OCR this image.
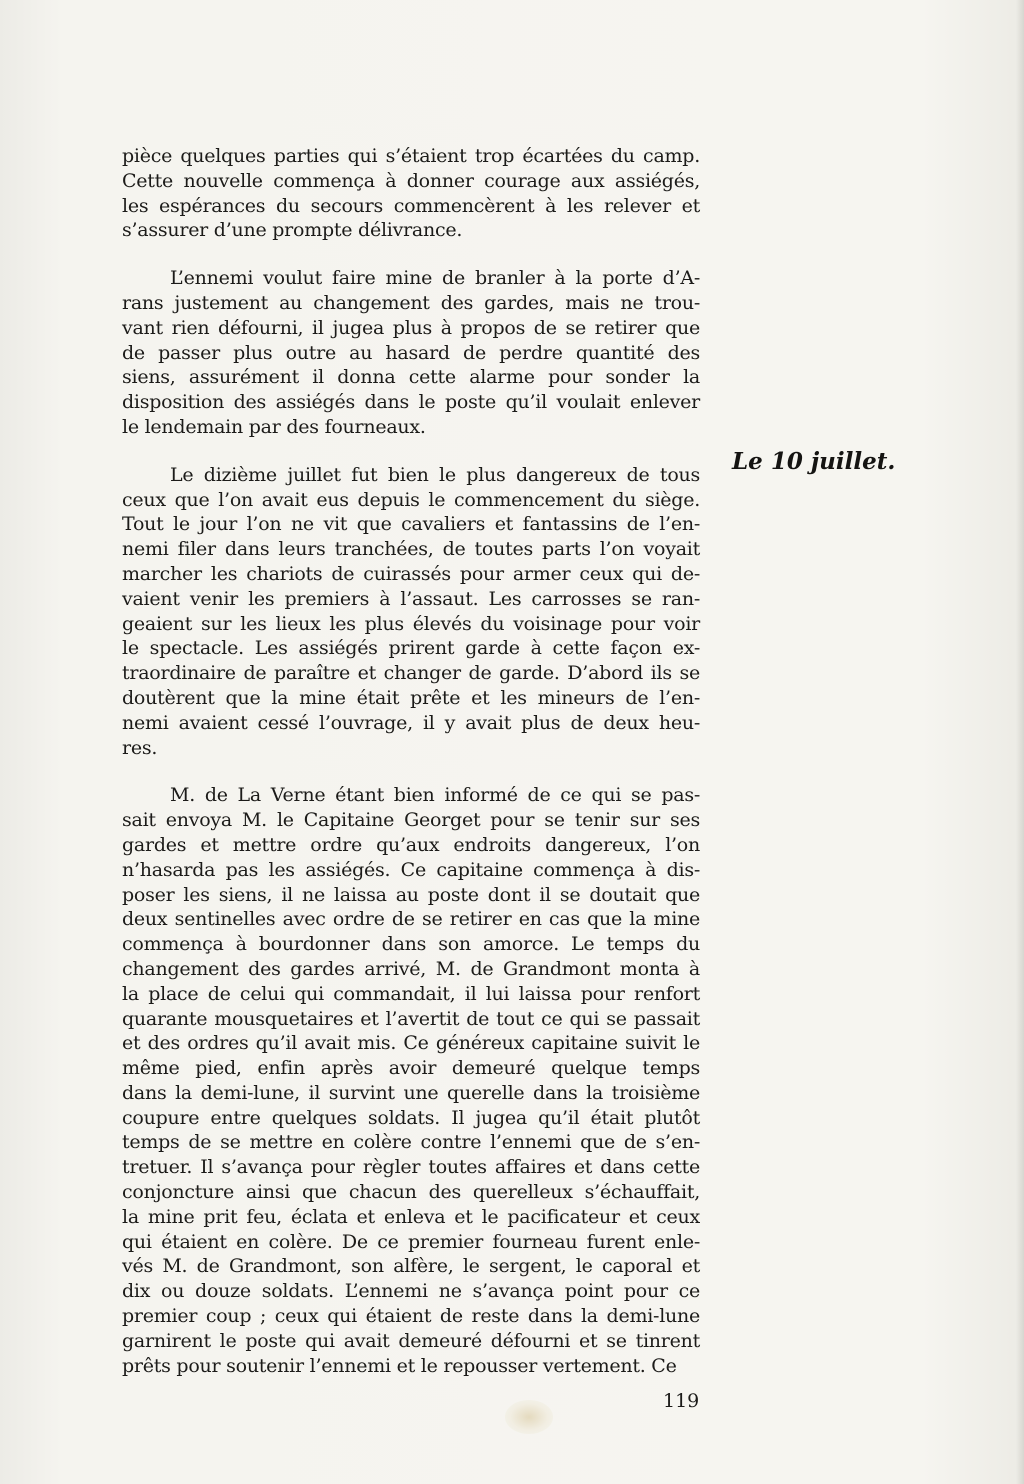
pièce quelques parties qui s’étaient trop écartées du camp.
Cette nouvelle commença à donner courage aux assiégés,
les espérances du secours commencèrent à les relever et
s’assurer d’une prompte délivrance.
L’ennemi voulut faire mine de branler à la porte d’A-
rans justement au changement des gardes, mais ne trou-
vant rien défourni, il jugea plus à propos de se retirer que
de passer plus outre au hasard de perdre quantité des
siens, assurément il donna cette alarme pour sonder la
disposition des assiégés dans le poste qu’il voulait enlever
le lendemain par des fourneaux.
Le dizième juillet fut bien le plus dangereux de tous
ceux que l’on avait eus depuis le commencement du siège.
Tout le jour l’on ne vit que cavaliers et fantassins de l’en-
nemi filer dans leurs tranchées, de toutes parts l’on voyait
marcher les chariots de cuirassés pour armer ceux qui de-
vaient venir les premiers à l’assaut. Les carrosses se ran-
geaient sur les lieux les plus élevés du voisinage pour voir
le spectacle. Les assiégés prirent garde à cette façon ex-
traordinaire de paraître et changer de garde. D’abord ils se
doutèrent que la mine était prête et les mineurs de l’en-
nemi avaient cessé l’ouvrage, il y avait plus de deux heu-
res.
M. de La Verne étant bien informé de ce qui se pas-
sait envoya M. le Capitaine Georget pour se tenir sur ses
gardes et mettre ordre qu’aux endroits dangereux, l’on
n’hasarda pas les assiégés. Ce capitaine commença à dis-
poser les siens, il ne laissa au poste dont il se doutait que
deux sentinelles avec ordre de se retirer en cas que la mine
commença à bourdonner dans son amorce. Le temps du
changement des gardes arrivé, M. de Grandmont monta à
la place de celui qui commandait, il lui laissa pour renfort
quarante mousquetaires et l’avertit de tout ce qui se passait
et des ordres qu’il avait mis. Ce généreux capitaine suivit le
même pied, enfin après avoir demeuré quelque temps
dans la demi-lune, il survint une querelle dans la troisième
coupure entre quelques soldats. Il jugea qu’il était plutôt
temps de se mettre en colère contre l’ennemi que de s’en-
tretuer. Il s’avança pour règler toutes affaires et dans cette
conjoncture ainsi que chacun des querelleux s’échauffait,
la mine prit feu, éclata et enleva et le pacificateur et ceux
qui étaient en colère. De ce premier fourneau furent enle-
vés M. de Grandmont, son alfère, le sergent, le caporal et
dix ou douze soldats. L’ennemi ne s’avança point pour ce
premier coup ; ceux qui étaient de reste dans la demi-lune
garnirent le poste qui avait demeuré défourni et se tinrent
prêts pour soutenir l’ennemi et le repousser vertement. Ce
Le 10 juillet.
119
